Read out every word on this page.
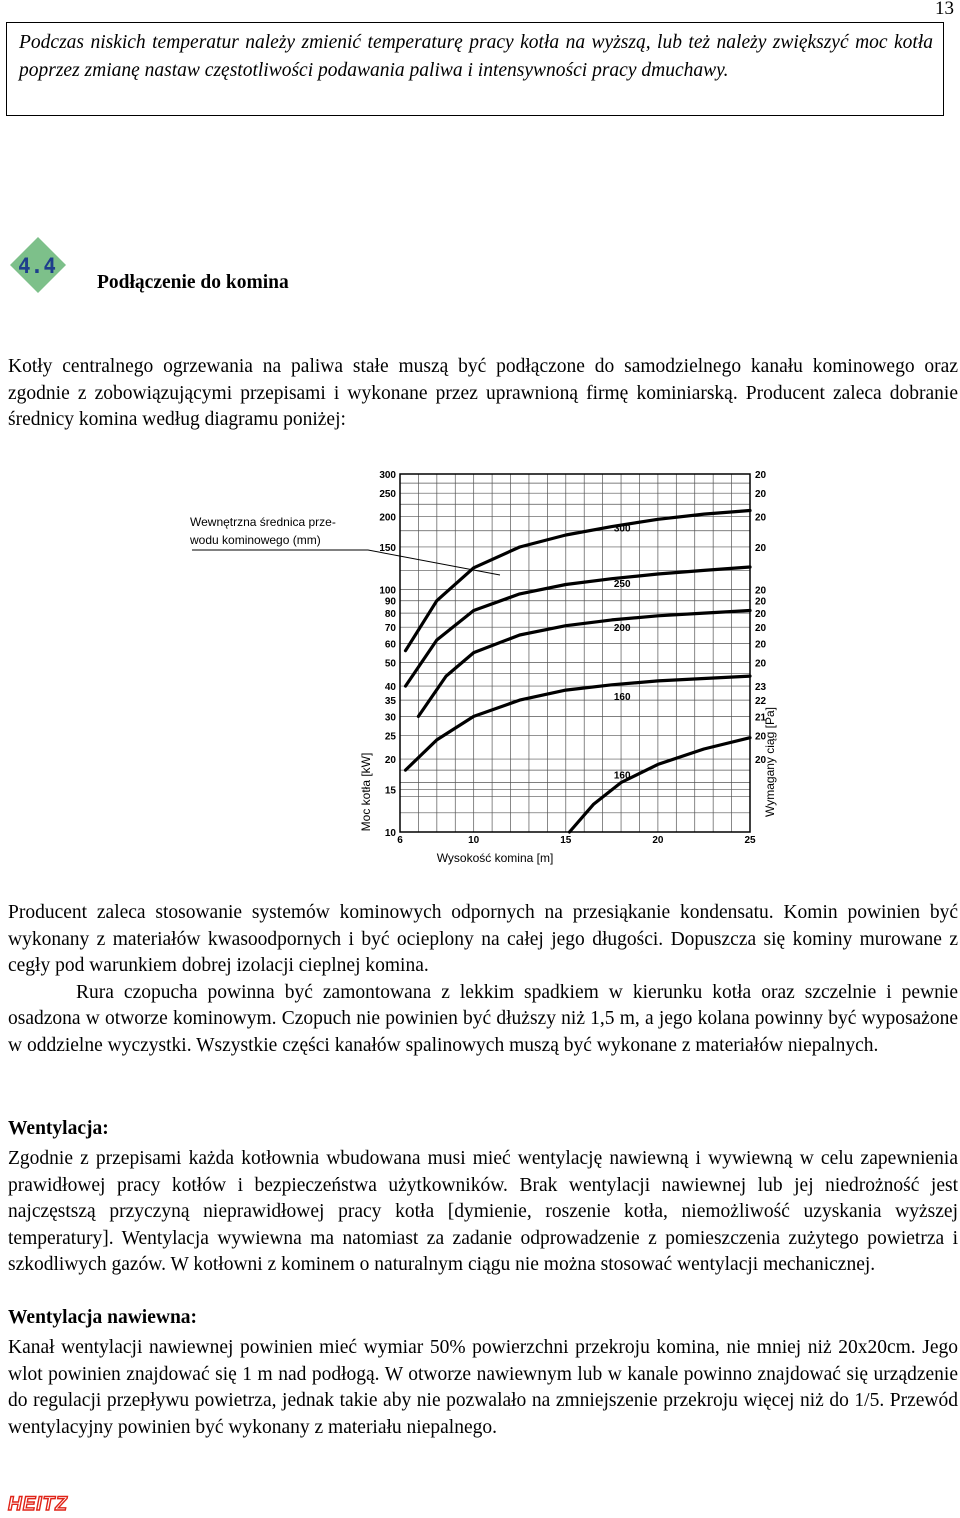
13
Podczas niskich temperatur należy zmienić temperaturę pracy kotła na wyższą, lub też należy zwiększyć moc kotła poprzez zmianę nastaw częstotliwości podawania paliwa i intensywności pracy dmuchawy.
4.4
Podłączenie do komina

Kotły centralnego ogrzewania na paliwa stałe muszą być podłączone do samodzielnego kanału kominowego oraz zgodnie z zobowiązującymi przepisami i wykonane przez uprawnioną firmę kominiarską. Producent zaleca dobranie średnicy komina według diagramu poniżej:

Wewnętrzna średnica prze-
wodu kominowego (mm)
300
250
200
150
100
90
80
70
60
50
40
35
30
25
20
15
10
6	10	15	20	25
20
20
20
20
20
20
20
20
20
20
23
22
21
20
20
300
250
200
160
160
Wysokość komina [m]
Moc kotła [kW]	Wymagany ciąg [Pa]
Producent zaleca stosowanie systemów kominowych odpornych na przesiąkanie kondensatu. Komin powinien być wykonany z materiałów kwasoodpornych i być ocieplony na całej jego długości. Dopuszcza się kominy murowane z cegły pod warunkiem dobrej izolacji cieplnej komina.
Rura czopucha powinna być zamontowana z lekkim spadkiem w kierunku kotła oraz szczelnie i pewnie osadzona w otworze kominowym. Czopuch nie powinien być dłuższy niż 1,5 m, a jego kolana powinny być wyposażone w oddzielne wyczystki. Wszystkie części kanałów spalinowych muszą być wykonane z materiałów niepalnych.
Wentylacja:

Zgodnie z przepisami każda kotłownia wbudowana musi mieć wentylację nawiewną i wywiewną w celu zapewnienia prawidłowej pracy kotłów i bezpieczeństwa użytkowników. Brak wentylacji nawiewnej lub jej niedrożność jest najczęstszą przyczyną nieprawidłowej pracy kotła [dymienie, roszenie kotła, niemożliwość uzyskania wyższej temperatury]. Wentylacja wywiewna ma natomiast za zadanie odprowadzenie z pomieszczenia zużytego powietrza i szkodliwych gazów. W kotłowni z kominem o naturalnym ciągu nie można stosować wentylacji mechanicznej.

Wentylacja nawiewna:

Kanał wentylacji nawiewnej powinien mieć wymiar 50% powierzchni przekroju komina, nie mniej niż 20x20cm. Jego wlot powinien znajdować się 1 m nad podłogą. W otworze nawiewnym lub w kanale powinno znajdować się urządzenie do regulacji przepływu powietrza, jednak takie aby nie pozwalało na zmniejszenie przekroju więcej niż do 1/5. Przewód wentylacyjny powinien być wykonany z materiału niepalnego.

HEITZ
